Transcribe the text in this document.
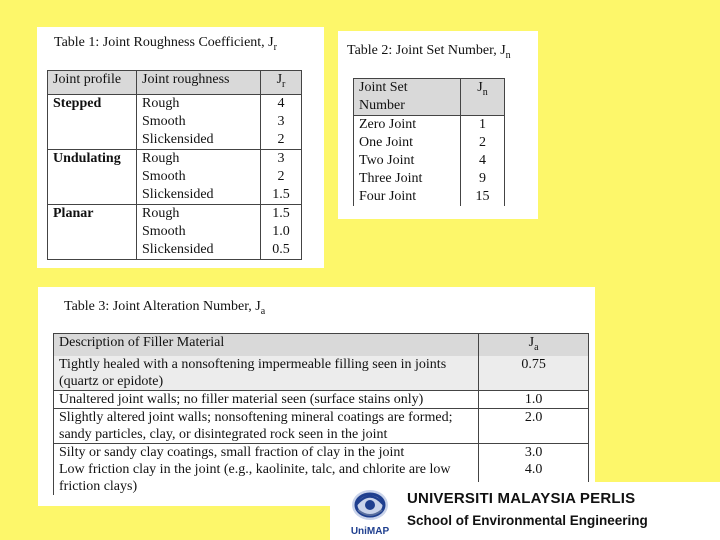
Table 1: Joint Roughness Coefficient, $J_r$
Joint profile	Joint roughness	$J_r$
Stepped	Rough	4
	Smooth	3
	Slickensided	2
Undulating	Rough	3
	Smooth	2
	Slickensided	1.5
Planar	Rough	1.5
	Smooth	1.0
	Slickensided	0.5
Table 2: Joint Set Number, $J_n$
Joint Set Number	$J_n$
Zero Joint	1
One Joint	2
Two Joint	4
Three Joint	9
Four Joint	15
Table 3: Joint Alteration Number, $J_a$
Description of Filler Material	$J_a$
Tightly healed with a nonsoftening impermeable filling seen in joints (quartz or epidote)	0.75
Unaltered joint walls; no filler material seen (surface stains only)	1.0
Slightly altered joint walls; nonsoftening mineral coatings are formed; sandy particles, clay, or disintegrated rock seen in the joint	2.0
Silty or sandy clay coatings, small fraction of clay in the joint	3.0
Low friction clay in the joint (e.g., kaolinite, talc, and chlorite are low friction clays)	4.0
UniMAP
UNIVERSITI MALAYSIA PERLIS
School of Environmental Engineering
